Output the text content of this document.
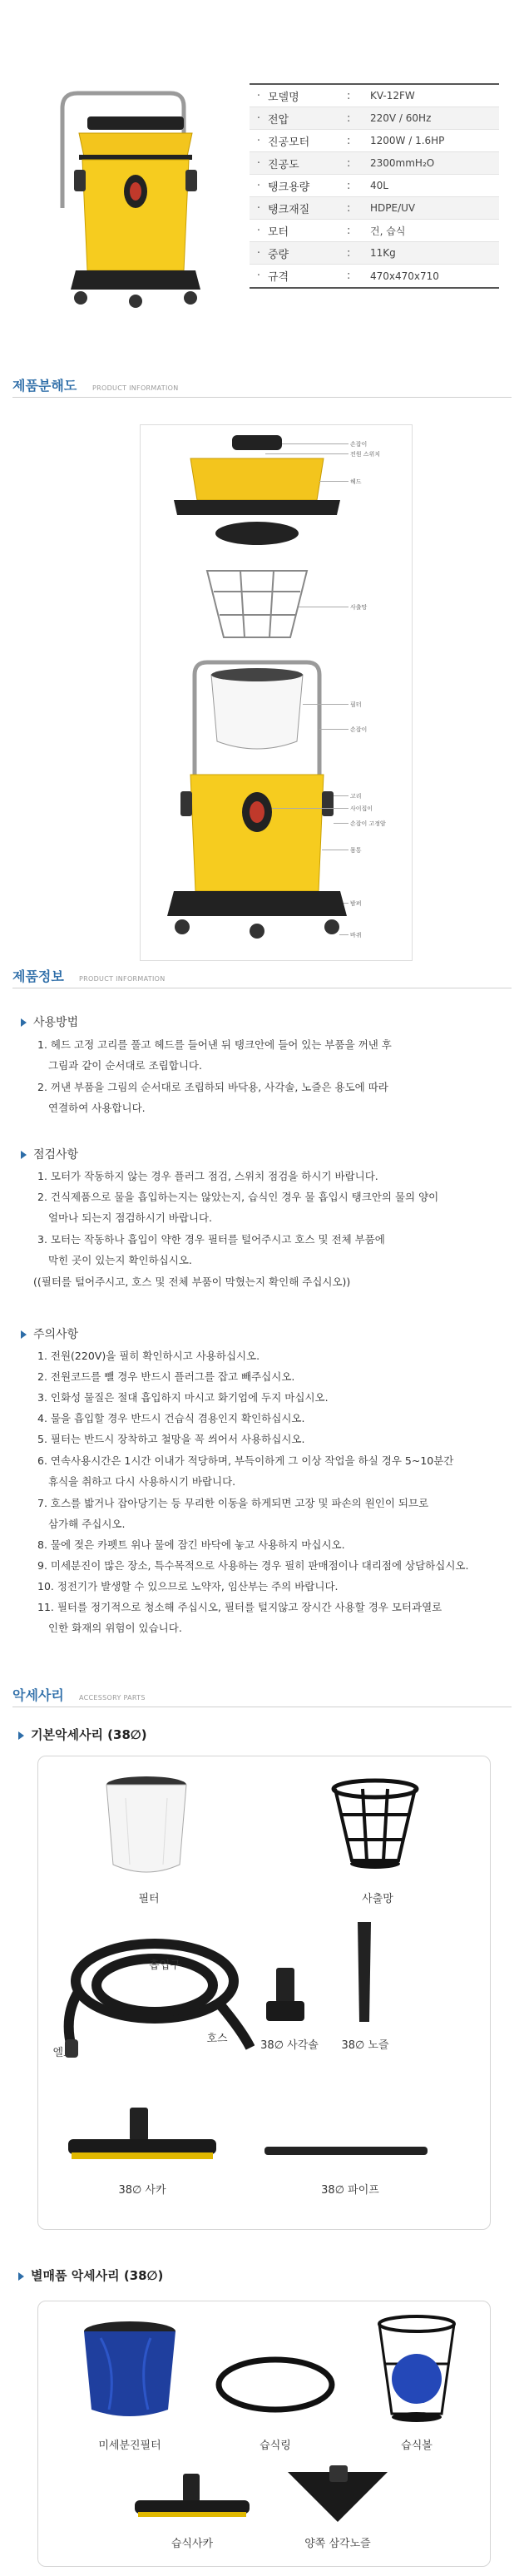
· 모델명	:	KV-12FW
· 전압	:	220V / 60Hz
· 진공모터	:	1200W / 1.6HP
· 진공도	:	2300mmH₂O
· 탱크용량	:	40L
· 탱크재질	:	HDPE/UV
· 모터	:	건, 습식
· 중량	:	11Kg
· 규격	:	470x470x710
제품분해도 PRODUCT INFORMATION
손잡이
전원 스위치
헤드
사출망
필터
손잡이
고리
사이집이
손잡이 고정암
몸통
밤퍼
바퀴
제품정보 PRODUCT INFORMATION
사용방법
1. 헤드 고정 고리를 풀고 헤드를 들어낸 뒤 탱크안에 들어 있는 부품을 꺼낸 후
그림과 같이 순서대로 조립합니다.
2. 꺼낸 부품을 그림의 순서대로 조립하되 바닥용, 사각솔, 노즐은 용도에 따라
연결하여 사용합니다.
점검사항
1. 모터가 작동하지 않는 경우 플러그 점검, 스위치 점검을 하시기 바랍니다.
2. 건식제품으로 물을 흡입하는지는 않았는지, 습식인 경우 물 흡입시 탱크안의 물의 양이
얼마나 되는지 점검하시기 바랍니다.
3. 모터는 작동하나 흡입이 약한 경우 필터를 털어주시고 호스 및 전체 부품에
막힌 곳이 있는지 확인하십시오.
((필터를 털어주시고, 호스 및 전체 부품이 막혔는지 확인해 주십시오))
주의사항
1. 전원(220V)을 필히 확인하시고 사용하십시오.
2. 전원코드를 뺄 경우 반드시 플러그를 잡고 빼주십시오.
3. 인화성 물질은 절대 흡입하지 마시고 화기엄에 두지 마십시오.
4. 물을 흡입할 경우 반드시 건습식 겸용인지 확인하십시오.
5. 필터는 반드시 장착하고 철망을 꼭 씌어서 사용하십시오.
6. 연속사용시간은 1시간 이내가 적당하며, 부득이하게 그 이상 작업을 하실 경우 5~10분간
휴식을 취하고 다시 사용하시기 바랍니다.
7. 호스를 밟거나 잡아당기는 등 무리한 이동을 하게되면 고장 및 파손의 원인이 되므로
삼가해 주십시오.
8. 물에 젖은 카펫트 위나 물에 잠긴 바닥에 놓고 사용하지 마십시오.
9. 미세분진이 많은 장소, 특수목적으로 사용하는 경우 필히 판매점이나 대리점에 상담하십시오.
10. 정전기가 발생할 수 있으므로 노약자, 임산부는 주의 바랍니다.
11. 필터를 정기적으로 청소해 주십시오, 필터를 털지않고 장시간 사용할 경우 모터과열로
인한 화재의 위험이 있습니다.
악세사리 ACCESSORY PARTS
기본악세사리 (38∅)
필터	사출망
흡입구
호스
엘보
38∅ 사각솔	38∅ 노즐
38∅ 사카	38∅ 파이프
별매품 악세사리 (38∅)
미세분진필터	습식링	습식볼
습식사카	양쪽 삼각노즐
